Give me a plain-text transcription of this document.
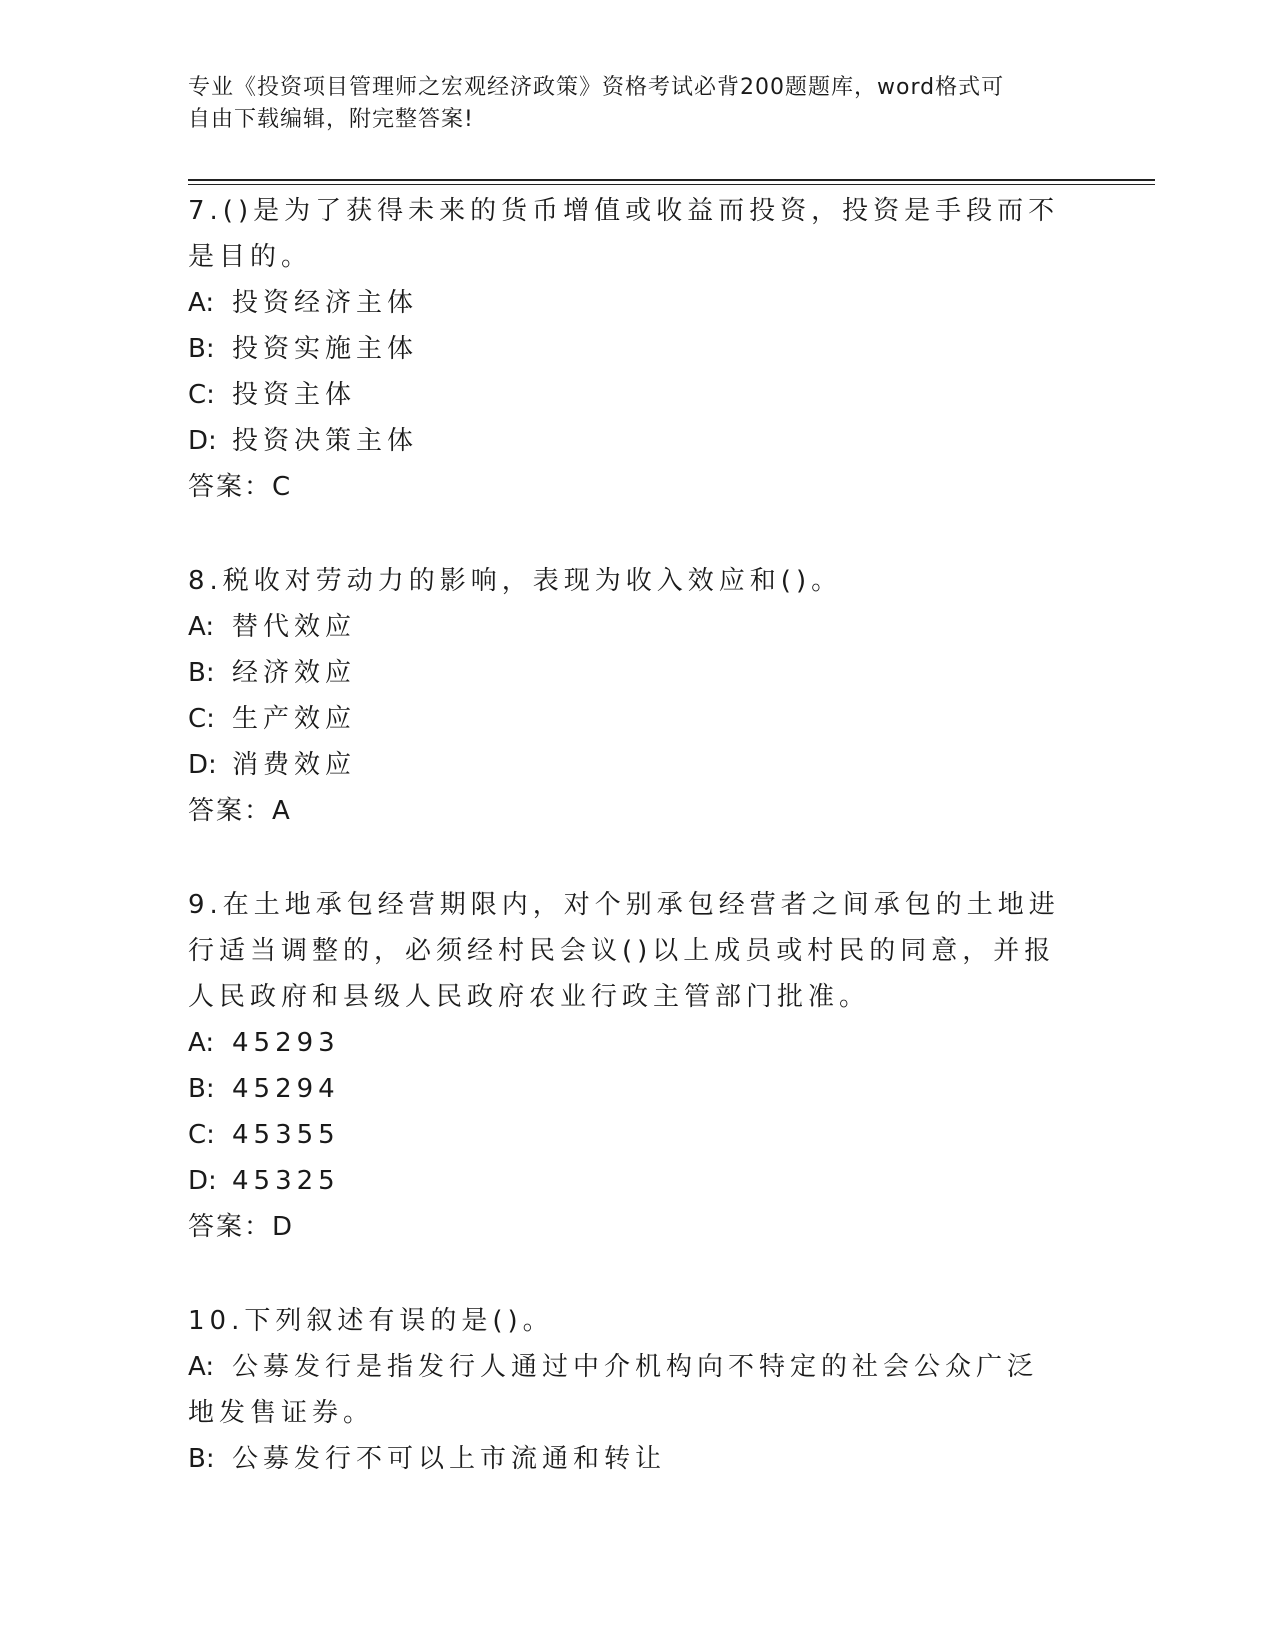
专业《投资项目管理师之宏观经济政策》资格考试必背200题题库，word格式可
自由下载编辑，附完整答案!
7.()是为了获得未来的货币增值或收益而投资，投资是手段而不是目的。
A: 投资经济主体
B: 投资实施主体
C: 投资主体
D: 投资决策主体
答案：C
8.税收对劳动力的影响，表现为收入效应和()。
A: 替代效应
B: 经济效应
C: 生产效应
D: 消费效应
答案：A
9.在土地承包经营期限内，对个别承包经营者之间承包的土地进行适当调整的，必须经村民会议()以上成员或村民的同意，并报人民政府和县级人民政府农业行政主管部门批准。
A: 45293
B: 45294
C: 45355
D: 45325
答案：D
10.下列叙述有误的是()。
A: 公募发行是指发行人通过中介机构向不特定的社会公众广泛地发售证券。
B: 公募发行不可以上市流通和转让
